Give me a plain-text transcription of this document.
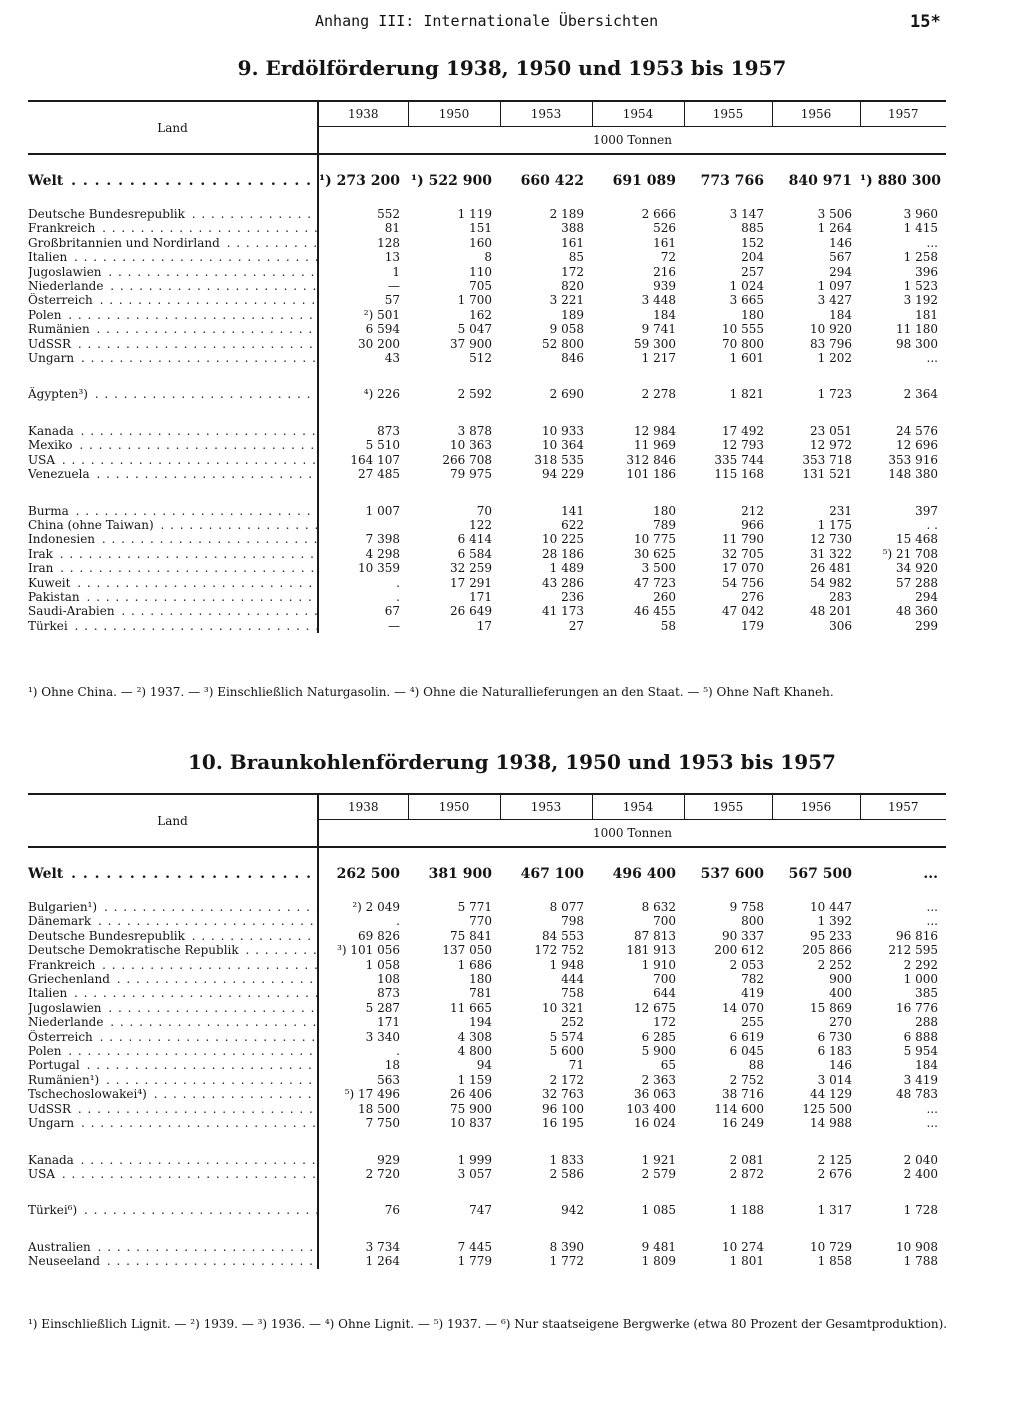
Anhang III: Internationale Übersichten	15*
9. Erdölförderung 1938, 1950 und 1953 bis 1957
Land	1938	1950	1953	1954	1955	1956	1957
	1000 Tonnen						

Welt . . .	¹) 273 200	¹) 522 900	660 422	691 089	773 766	840 971	¹) 880 300

Deutsche Bundesrepublik . . .	552	1 119	2 189	2 666	3 147	3 506	3 960

Frankreich . . .	81	151	388	526	885	1 264	1 415

Großbritannien und Nordirland . . .	128	160	161	161	152	146	...

Italien . . .	13	8	85	72	204	567	1 258

Jugoslawien . . .	1	110	172	216	257	294	396

Niederlande . . .	—	705	820	939	1 024	1 097	1 523

Österreich . . .	57	1 700	3 221	3 448	3 665	3 427	3 192

Polen . . .	²) 501	162	189	184	180	184	181

Rumänien . . .	6 594	5 047	9 058	9 741	10 555	10 920	11 180

UdSSR . . .	30 200	37 900	52 800	59 300	70 800	83 796	98 300

Ungarn . . .	43	512	846	1 217	1 601	1 202	...

Ägypten³) . . .	⁴) 226	2 592	2 690	2 278	1 821	1 723	2 364

Kanada . . .	873	3 878	10 933	12 984	17 492	23 051	24 576

Mexiko . . .	5 510	10 363	10 364	11 969	12 793	12 972	12 696

USA . . .	164 107	266 708	318 535	312 846	335 744	353 718	353 916

Venezuela . . .	27 485	79 975	94 229	101 186	115 168	131 521	148 380

Burma . . .	1 007	70	141	180	212	231	397

China (ohne Taiwan) . . .		122	622	789	966	1 175	. .

Indonesien . . .	7 398	6 414	10 225	10 775	11 790	12 730	15 468

Irak . . .	4 298	6 584	28 186	30 625	32 705	31 322	⁵) 21 708

Iran . . .	10 359	32 259	1 489	3 500	17 070	26 481	34 920

Kuweit . . .	.	17 291	43 286	47 723	54 756	54 982	57 288

Pakistan . . .	.	171	236	260	276	283	294

Saudi-Arabien . . .	67	26 649	41 173	46 455	47 042	48 201	48 360

Türkei . . .	—	17	27	58	179	306	299
¹) Ohne China. — ²) 1937. — ³) Einschließlich Naturgasolin. — ⁴) Ohne die Naturallieferungen an den Staat. — ⁵) Ohne Naft Khaneh.
10. Braunkohlenförderung 1938, 1950 und 1953 bis 1957
Land	1938	1950	1953	1954	1955	1956	1957
	1000 Tonnen						

Welt . . .	262 500	381 900	467 100	496 400	537 600	567 500	...

Bulgarien¹) . . .	²) 2 049	5 771	8 077	8 632	9 758	10 447	...

Dänemark . . .	.	770	798	700	800	1 392	...

Deutsche Bundesrepublik . . .	69 826	75 841	84 553	87 813	90 337	95 233	96 816

Deutsche Demokratische Republik . . .	³) 101 056	137 050	172 752	181 913	200 612	205 866	212 595

Frankreich . . .	1 058	1 686	1 948	1 910	2 053	2 252	2 292

Griechenland . . .	108	180	444	700	782	900	1 000

Italien . . .	873	781	758	644	419	400	385

Jugoslawien . . .	5 287	11 665	10 321	12 675	14 070	15 869	16 776

Niederlande . . .	171	194	252	172	255	270	288

Österreich . . .	3 340	4 308	5 574	6 285	6 619	6 730	6 888

Polen . . .	.	4 800	5 600	5 900	6 045	6 183	5 954

Portugal . . .	18	94	71	65	88	146	184

Rumänien¹) . . .	563	1 159	2 172	2 363	2 752	3 014	3 419

Tschechoslowakei⁴) . . .	⁵) 17 496	26 406	32 763	36 063	38 716	44 129	48 783

UdSSR . . .	18 500	75 900	96 100	103 400	114 600	125 500	...

Ungarn . . .	7 750	10 837	16 195	16 024	16 249	14 988	...

Kanada . . .	929	1 999	1 833	1 921	2 081	2 125	2 040

USA . . .	2 720	3 057	2 586	2 579	2 872	2 676	2 400

Türkei⁶) . . .	76	747	942	1 085	1 188	1 317	1 728

Australien . . .	3 734	7 445	8 390	9 481	10 274	10 729	10 908

Neuseeland . . .	1 264	1 779	1 772	1 809	1 801	1 858	1 788
¹) Einschließlich Lignit. — ²) 1939. — ³) 1936. — ⁴) Ohne Lignit. — ⁵) 1937. — ⁶) Nur staatseigene Bergwerke (etwa 80 Prozent der Gesamtproduktion).
